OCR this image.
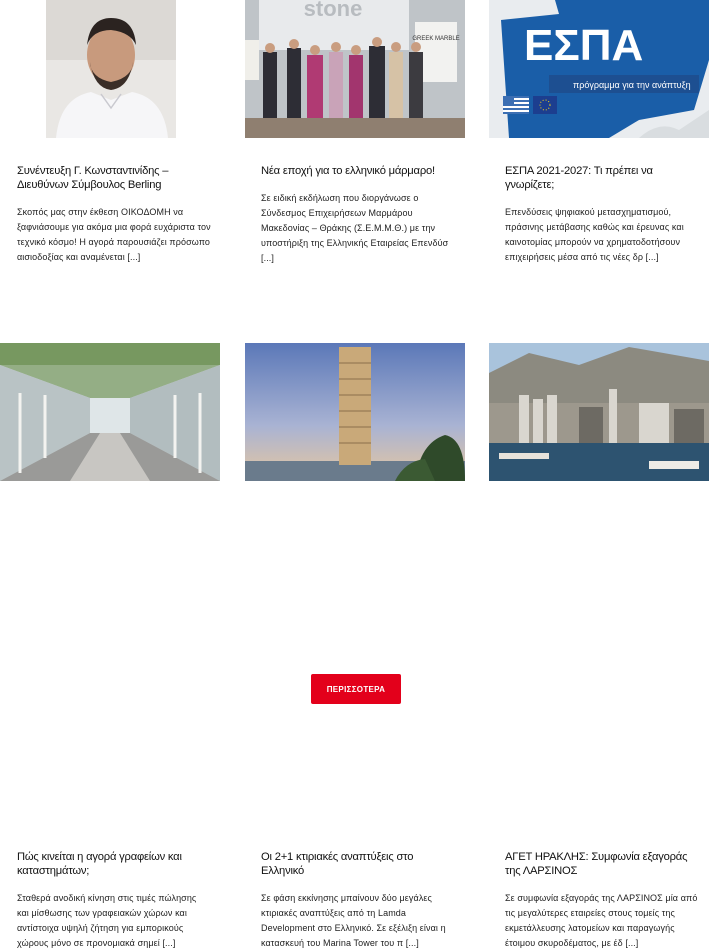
Συνέντευξη Γ. Κωνσταντινίδης – Διευθύνων Σύμβουλος Berling

Σκοπός μας στην έκθεση ΟΙΚΟΔΟΜΗ να ξαφνιάσουμε για ακόμα μια φορά ευχάριστα τον τεχνικό κόσμο! Η αγορά παρουσιάζει πρόσωπο αισιοδοξίας και αναμένεται [...]

stone
GREEK MARBLE
Νέα εποχή για το ελληνικό μάρμαρο!

Σε ειδική εκδήλωση που διοργάνωσε ο Σύνδεσμος Επιχειρήσεων Μαρμάρου Μακεδονίας – Θράκης (Σ.Ε.Μ.Μ.Θ.) με την υποστήριξη της Ελληνικής Εταιρείας Επενδύσ [...]

ΕΣΠΑ
πρόγραμμα για την ανάπτυξη
ΕΣΠΑ 2021-2027: Τι πρέπει να γνωρίζετε;

Επενδύσεις ψηφιακού μετασχηματισμού, πράσινης μετάβασης καθώς και έρευνας και καινοτομίας μπορούν να χρηματοδοτήσουν επιχειρήσεις μέσα από τις νέες δρ [...]

Πώς κινείται η αγορά γραφείων και καταστημάτων;

Σταθερά ανοδική κίνηση στις τιμές πώλησης και μίσθωσης των γραφειακών χώρων και αντίστοιχα υψηλή ζήτηση για εμπορικούς χώρους μόνο σε προνομιακά σημεί [...]

Οι 2+1 κτιριακές αναπτύξεις στο Ελληνικό

Σε φάση εκκίνησης μπαίνουν δύο μεγάλες κτιριακές αναπτύξεις από τη Lamda Development στο Ελληνικό. Σε εξέλιξη είναι η κατασκευή του Marina Tower του π [...]

ΑΓΕΤ ΗΡΑΚΛΗΣ: Συμφωνία εξαγοράς της ΛΑΡΣΙΝΟΣ

Σε συμφωνία εξαγοράς της ΛΑΡΣΙΝΟΣ μία από τις μεγαλύτερες εταιρείες στους τομείς της εκμετάλλευσης λατομείων και παραγωγής έτοιμου σκυροδέματος, με έδ [...]

ΠΕΡΙΣΣΟΤΕΡΑ
